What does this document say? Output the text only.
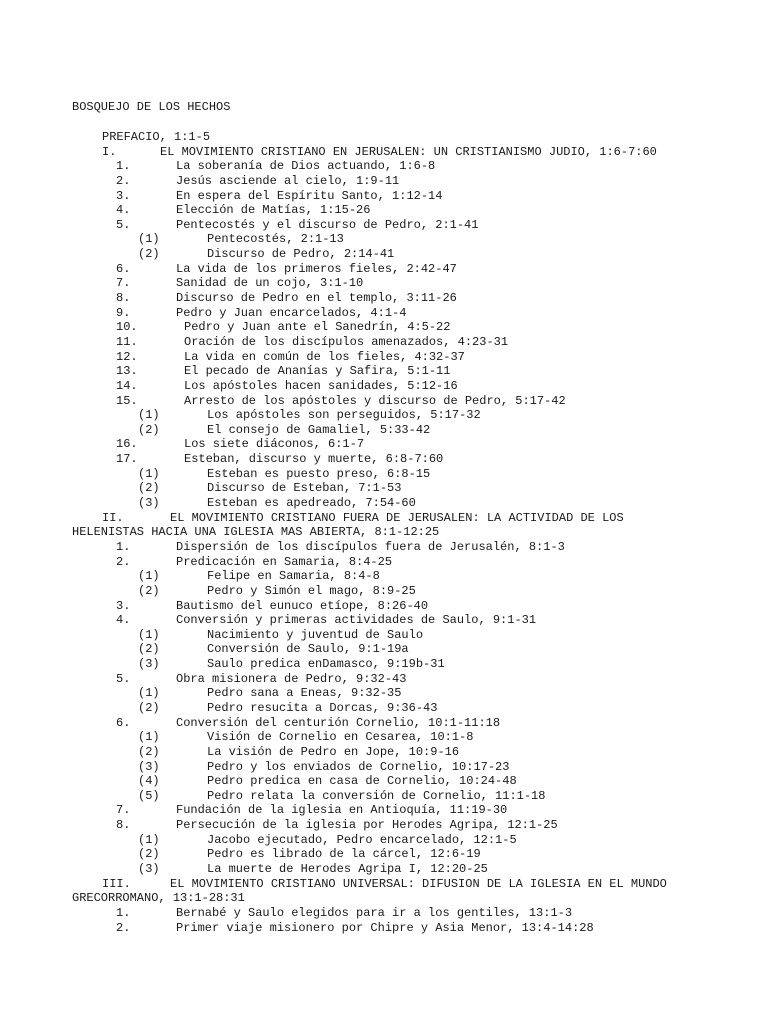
BOSQUEJO DE LOS HECHOS
PREFACIO, 1:1-5
I.	EL MOVIMIENTO CRISTIANO EN JERUSALEN: UN CRISTIANISMO JUDIO, 1:6-7:60
1.	La soberanía de Dios actuando, 1:6-8
2.	Jesús asciende al cielo, 1:9-11
3.	En espera del Espíritu Santo, 1:12-14
4.	Elección de Matías, 1:15-26
5.	Pentecostés y el discurso de Pedro, 2:1-41
(1)	Pentecostés, 2:1-13
(2)	Discurso de Pedro, 2:14-41
6.	La vida de los primeros fieles, 2:42-47
7.	Sanidad de un cojo, 3:1-10
8.	Discurso de Pedro en el templo, 3:11-26
9.	Pedro y Juan encarcelados, 4:1-4
10.	Pedro y Juan ante el Sanedrín, 4:5-22
11.	Oración de los discípulos amenazados, 4:23-31
12.	La vida en común de los fieles, 4:32-37
13.	El pecado de Ananías y Safira, 5:1-11
14.	Los apóstoles hacen sanidades, 5:12-16
15.	Arresto de los apóstoles y discurso de Pedro, 5:17-42
(1)	Los apóstoles son perseguidos, 5:17-32
(2)	El consejo de Gamaliel, 5:33-42
16.	Los siete diáconos, 6:1-7
17.	Esteban, discurso y muerte, 6:8-7:60
(1)	Esteban es puesto preso, 6:8-15
(2)	Discurso de Esteban, 7:1-53
(3)	Esteban es apedreado, 7:54-60
II.	EL MOVIMIENTO CRISTIANO FUERA DE JERUSALEN: LA ACTIVIDAD DE LOS HELENISTAS HACIA UNA IGLESIA MAS ABIERTA, 8:1-12:25
1.	Dispersión de los discípulos fuera de Jerusalén, 8:1-3
2.	Predicación en Samaria, 8:4-25
(1)	Felipe en Samaria, 8:4-8
(2)	Pedro y Simón el mago, 8:9-25
3.	Bautismo del eunuco etíope, 8:26-40
4.	Conversión y primeras actividades de Saulo, 9:1-31
(1)	Nacimiento y juventud de Saulo
(2)	Conversión de Saulo, 9:1-19a
(3)	Saulo predica enDamasco, 9:19b-31
5.	Obra misionera de Pedro, 9:32-43
(1)	Pedro sana a Eneas, 9:32-35
(2)	Pedro resucita a Dorcas, 9:36-43
6.	Conversión del centurión Cornelio, 10:1-11:18
(1)	Visión de Cornelio en Cesarea, 10:1-8
(2)	La visión de Pedro en Jope, 10:9-16
(3)	Pedro y los enviados de Cornelio, 10:17-23
(4)	Pedro predica en casa de Cornelio, 10:24-48
(5)	Pedro relata la conversión de Cornelio, 11:1-18
7.	Fundación de la iglesia en Antioquía, 11:19-30
8.	Persecución de la iglesia por Herodes Agripa, 12:1-25
(1)	Jacobo ejecutado, Pedro encarcelado, 12:1-5
(2)	Pedro es librado de la cárcel, 12:6-19
(3)	La muerte de Herodes Agripa I, 12:20-25
III.	EL MOVIMIENTO CRISTIANO UNIVERSAL: DIFUSION DE LA IGLESIA EN EL MUNDO GRECORROMANO, 13:1-28:31
1.	Bernabé y Saulo elegidos para ir a los gentiles, 13:1-3
2.	Primer viaje misionero por Chipre y Asia Menor, 13:4-14:28
